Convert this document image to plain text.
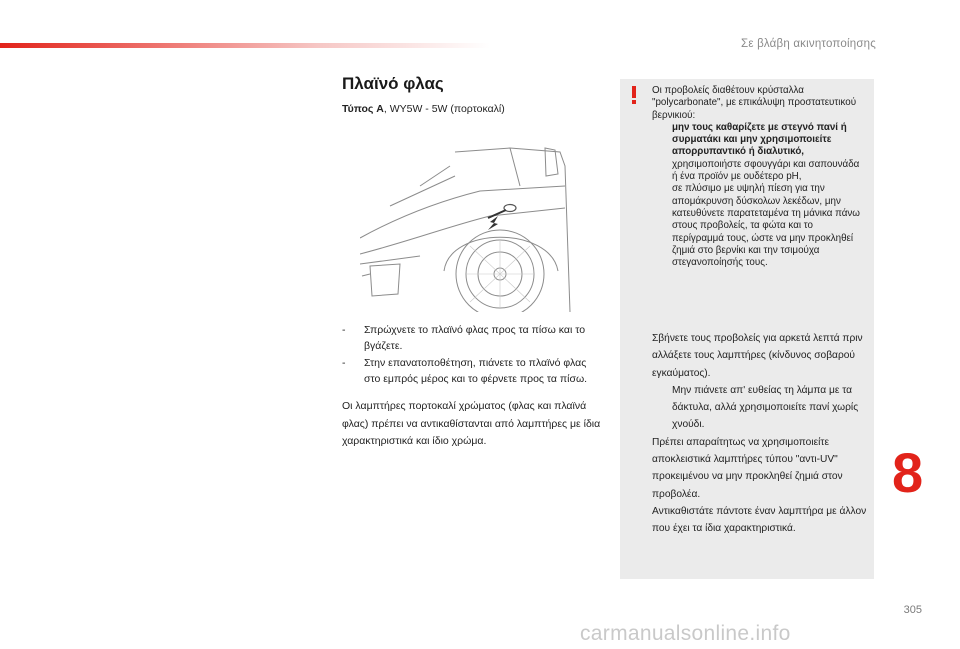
Σε βλάβη ακινητοποίησης
Πλαϊνό φλας
Τύπος A, WY5W - 5W (πορτοκαλί)
- Σπρώχνετε το πλαϊνό φλας προς τα πίσω και το βγάζετε.
- Στην επανατοποθέτηση, πιάνετε το πλαϊνό φλας στο εμπρός μέρος και το φέρνετε προς τα πίσω.
Οι λαμπτήρες πορτοκαλί χρώματος (φλας και πλαϊνά φλας) πρέπει να αντικαθίστανται από λαμπτήρες με ίδια χαρακτηριστικά και ίδιο χρώμα.
Οι προβολείς διαθέτουν κρύσταλλα "polycarbonate", με επικάλυψη προστατευτικού βερνικιού:
μην τους καθαρίζετε με στεγνό πανί ή συρματάκι και μην χρησιμοποιείτε απορρυπαντικό ή διαλυτικό,
χρησιμοποιήστε σφουγγάρι και σαπουνάδα ή ένα προϊόν με ουδέτερο pH,
σε πλύσιμο με υψηλή πίεση για την απομάκρυνση δύσκολων λεκέδων, μην κατευθύνετε παρατεταμένα τη μάνικα πάνω στους προβολείς, τα φώτα και το περίγραμμά τους, ώστε να μην προκληθεί ζημιά στο βερνίκι και την τσιμούχα στεγανοποίησής τους.
Σβήνετε τους προβολείς για αρκετά λεπτά πριν αλλάξετε τους λαμπτήρες (κίνδυνος σοβαρού εγκαύματος).
Μην πιάνετε απ' ευθείας τη λάμπα με τα δάκτυλα, αλλά χρησιμοποιείτε πανί χωρίς χνούδι.
Πρέπει απαραίτητως να χρησιμοποιείτε αποκλειστικά λαμπτήρες τύπου "αντι-UV" προκειμένου να μην προκληθεί ζημιά στον προβολέα.
Αντικαθιστάτε πάντοτε έναν λαμπτήρα με άλλον που έχει τα ίδια χαρακτηριστικά.
8
305
carmanualsonline.info
